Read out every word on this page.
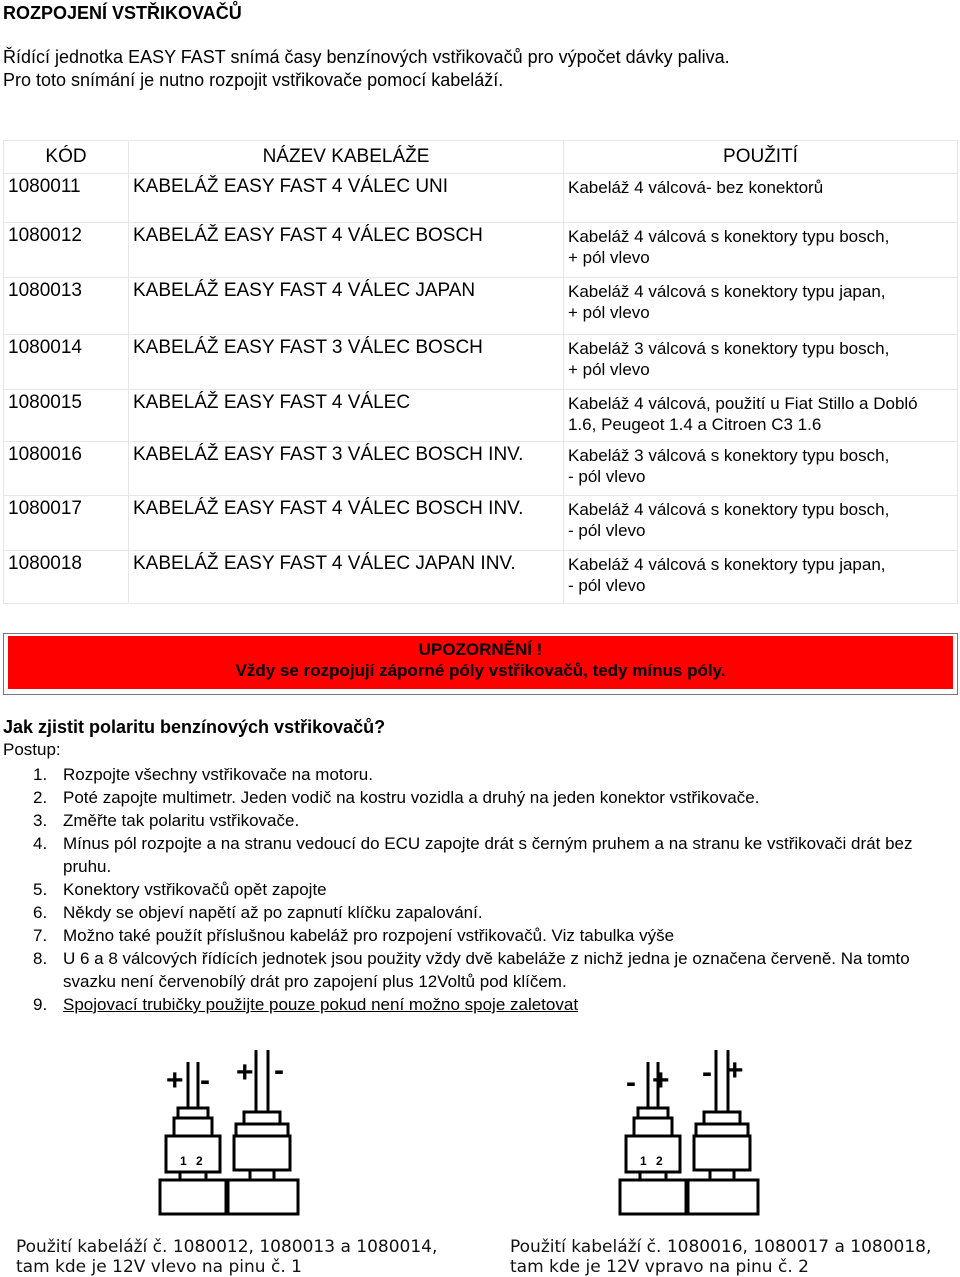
ROZPOJENÍ VSTŘIKOVAČŮ
Řídící jednotka EASY FAST snímá časy benzínových vstřikovačů pro výpočet dávky paliva.
Pro toto snímání je nutno rozpojit vstřikovače pomocí kabeláží.
KÓD	NÁZEV KABELÁŽE	POUŽITÍ
1080011	KABELÁŽ EASY FAST 4 VÁLEC UNI	Kabeláž 4 válcová- bez konektorů

1080012	KABELÁŽ EASY FAST 4 VÁLEC BOSCH	Kabeláž 4 válcová s konektory typu bosch,
+ pól vlevo

1080013	KABELÁŽ EASY FAST 4 VÁLEC JAPAN	Kabeláž 4 válcová s konektory typu japan,
+ pól vlevo

1080014	KABELÁŽ EASY FAST 3 VÁLEC BOSCH	Kabeláž 3 válcová s konektory typu bosch,
+ pól vlevo

1080015	KABELÁŽ EASY FAST 4 VÁLEC	Kabeláž 4 válcová, použití u Fiat Stillo a Dobló
1.6, Peugeot 1.4 a Citroen C3 1.6

1080016	KABELÁŽ EASY FAST 3 VÁLEC BOSCH INV.	Kabeláž 3 válcová s konektory typu bosch,
- pól vlevo

1080017	KABELÁŽ EASY FAST 4 VÁLEC BOSCH INV.	Kabeláž 4 válcová s konektory typu bosch,
- pól vlevo

1080018	KABELÁŽ EASY FAST 4 VÁLEC JAPAN INV.	Kabeláž 4 válcová s konektory typu japan,
- pól vlevo
UPOZORNĚNÍ !
Vždy se rozpojují záporné póly vstřikovačů, tedy mínus póly.
Jak zjistit polaritu benzínových vstřikovačů?
Postup:
1. Rozpojte všechny vstřikovače na motoru.
2. Poté zapojte multimetr. Jeden vodič na kostru vozidla a druhý na jeden konektor vstřikovače.
3. Změřte tak polaritu vstřikovače.
4. Mínus pól rozpojte a na stranu vedoucí do ECU zapojte drát s černým pruhem a na stranu ke vstřikovači drát bez pruhu.
5. Konektory vstřikovačů opět zapojte
6. Někdy se objeví napětí až po zapnutí klíčku zapalování.
7. Možno také použít příslušnou kabeláž pro rozpojení vstřikovačů. Viz tabulka výše
8. U 6 a 8 válcových řídících jednotek jsou použity vždy dvě kabeláže z nichž jedna je označena červeně. Na tomto svazku není červenobílý drát pro zapojení plus 12Voltů pod klíčem.
9. Spojovací trubičky použijte pouze pokud není možno spoje zaletovat
+ - + -
1 2
- + - +
1 2
Použití kabeláží č. 1080012, 1080013 a 1080014,
tam kde je 12V vlevo na pinu č. 1
Použití kabeláží č. 1080016, 1080017 a 1080018,
tam kde je 12V vpravo na pinu č. 2
